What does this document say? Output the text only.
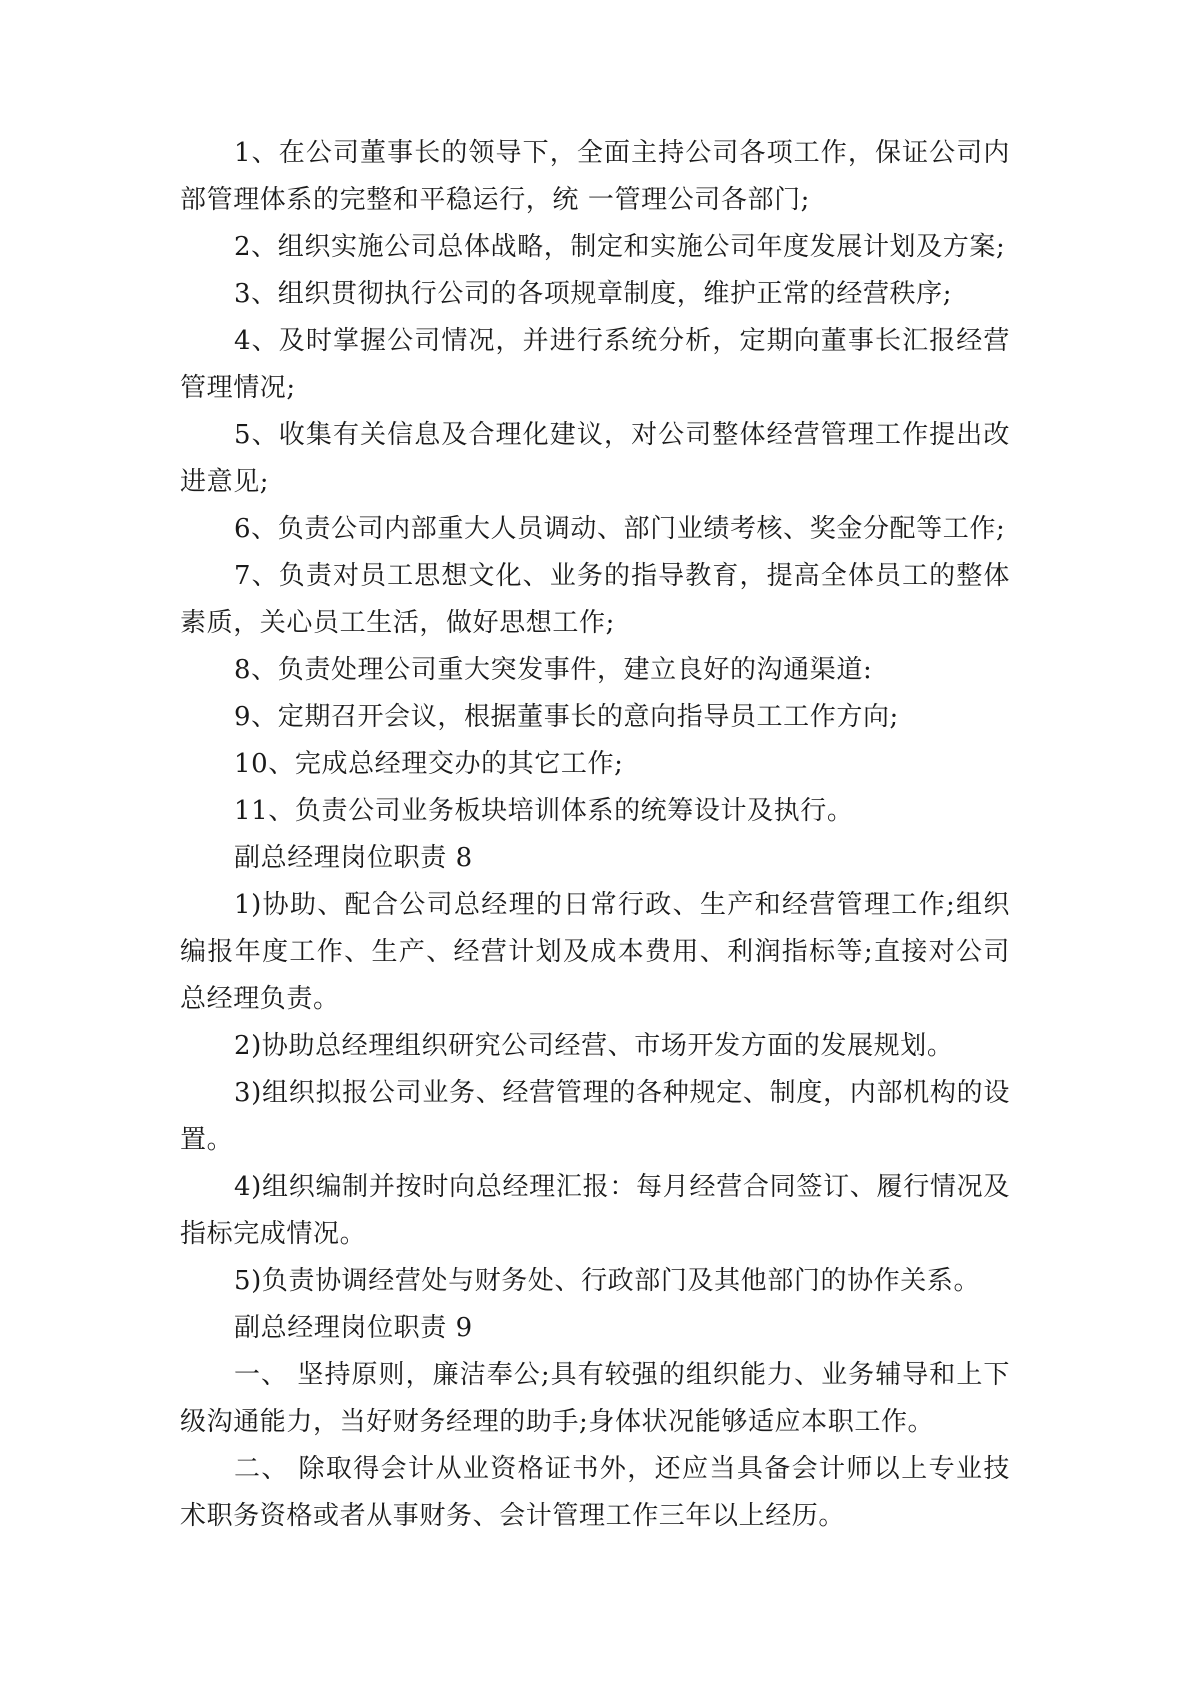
1、在公司董事长的领导下，全面主持公司各项工作，保证公司内部管理体系的完整和平稳运行，统 一管理公司各部门;

2、组织实施公司总体战略，制定和实施公司年度发展计划及方案;

3、组织贯彻执行公司的各项规章制度，维护正常的经营秩序;

4、及时掌握公司情况，并进行系统分析，定期向董事长汇报经营管理情况;

5、收集有关信息及合理化建议，对公司整体经营管理工作提出改进意见;

6、负责公司内部重大人员调动、部门业绩考核、奖金分配等工作;

7、负责对员工思想文化、业务的指导教育，提高全体员工的整体素质，关心员工生活，做好思想工作;

8、负责处理公司重大突发事件，建立良好的沟通渠道:

9、定期召开会议，根据董事长的意向指导员工工作方向;

10、完成总经理交办的其它工作;

11、负责公司业务板块培训体系的统筹设计及执行。

副总经理岗位职责 8

1)协助、配合公司总经理的日常行政、生产和经营管理工作;组织编报年度工作、生产、经营计划及成本费用、利润指标等;直接对公司总经理负责。

2)协助总经理组织研究公司经营、市场开发方面的发展规划。

3)组织拟报公司业务、经营管理的各种规定、制度，内部机构的设置。

4)组织编制并按时向总经理汇报：每月经营合同签订、履行情况及指标完成情况。

5)负责协调经营处与财务处、行政部门及其他部门的协作关系。

副总经理岗位职责 9

一、 坚持原则，廉洁奉公;具有较强的组织能力、业务辅导和上下级沟通能力，当好财务经理的助手;身体状况能够适应本职工作。

二、 除取得会计从业资格证书外，还应当具备会计师以上专业技术职务资格或者从事财务、会计管理工作三年以上经历。
